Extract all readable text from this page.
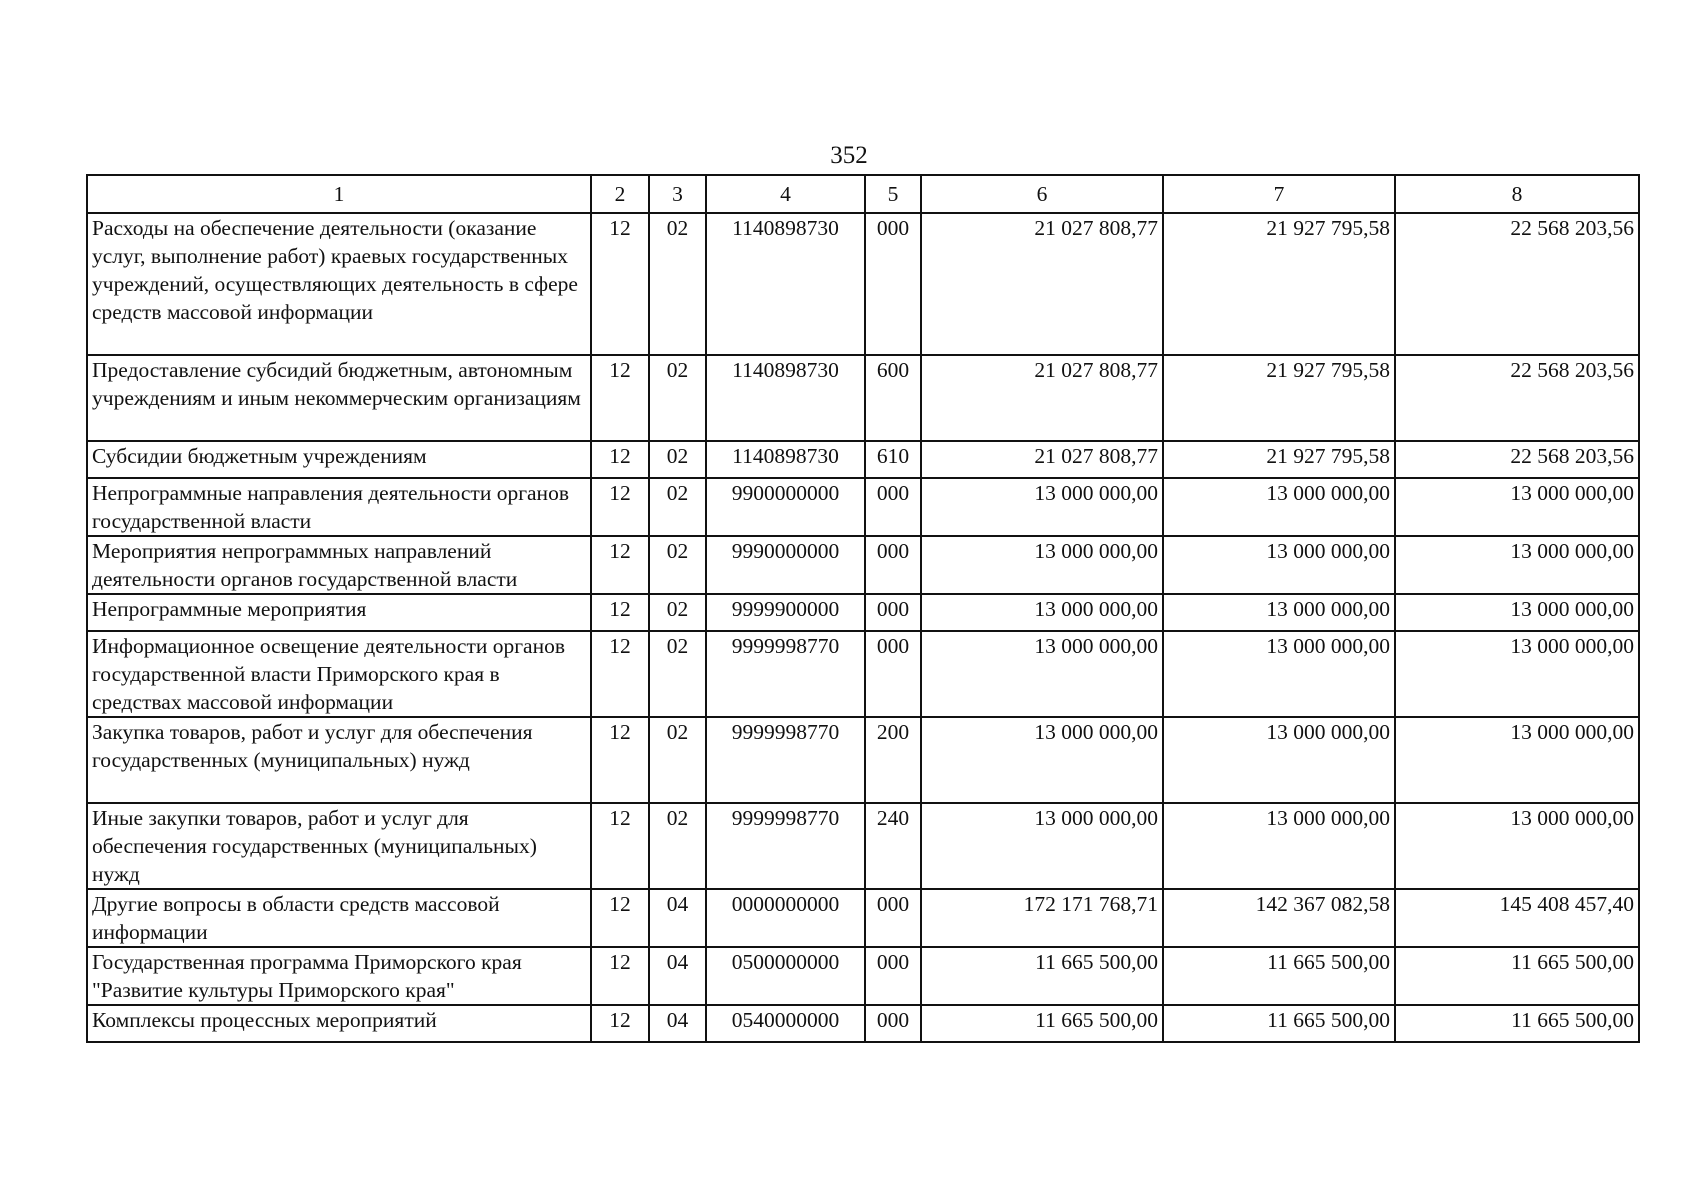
352
1	2	3	4	5	6	7	8
Расходы на обеспечение деятельности (оказание услуг, выполнение работ) краевых государственных учреждений, осуществляющих деятельность в сфере средств массовой информации	12	02	1140898730	000	21 027 808,77	21 927 795,58	22 568 203,56
Предоставление субсидий бюджетным, автономным учреждениям и иным некоммерческим организациям	12	02	1140898730	600	21 027 808,77	21 927 795,58	22 568 203,56
Субсидии бюджетным учреждениям	12	02	1140898730	610	21 027 808,77	21 927 795,58	22 568 203,56
Непрограммные направления деятельности органов государственной власти	12	02	9900000000	000	13 000 000,00	13 000 000,00	13 000 000,00
Мероприятия непрограммных направлений деятельности органов государственной власти	12	02	9990000000	000	13 000 000,00	13 000 000,00	13 000 000,00
Непрограммные мероприятия	12	02	9999900000	000	13 000 000,00	13 000 000,00	13 000 000,00
Информационное освещение деятельности органов государственной власти Приморского края в средствах массовой информации	12	02	9999998770	000	13 000 000,00	13 000 000,00	13 000 000,00
Закупка товаров, работ и услуг для обеспечения государственных (муниципальных) нужд	12	02	9999998770	200	13 000 000,00	13 000 000,00	13 000 000,00
Иные закупки товаров, работ и услуг для обеспечения государственных (муниципальных) нужд	12	02	9999998770	240	13 000 000,00	13 000 000,00	13 000 000,00
Другие вопросы в области средств массовой информации	12	04	0000000000	000	172 171 768,71	142 367 082,58	145 408 457,40
Государственная программа Приморского края "Развитие культуры Приморского края"	12	04	0500000000	000	11 665 500,00	11 665 500,00	11 665 500,00
Комплексы процессных мероприятий	12	04	0540000000	000	11 665 500,00	11 665 500,00	11 665 500,00
